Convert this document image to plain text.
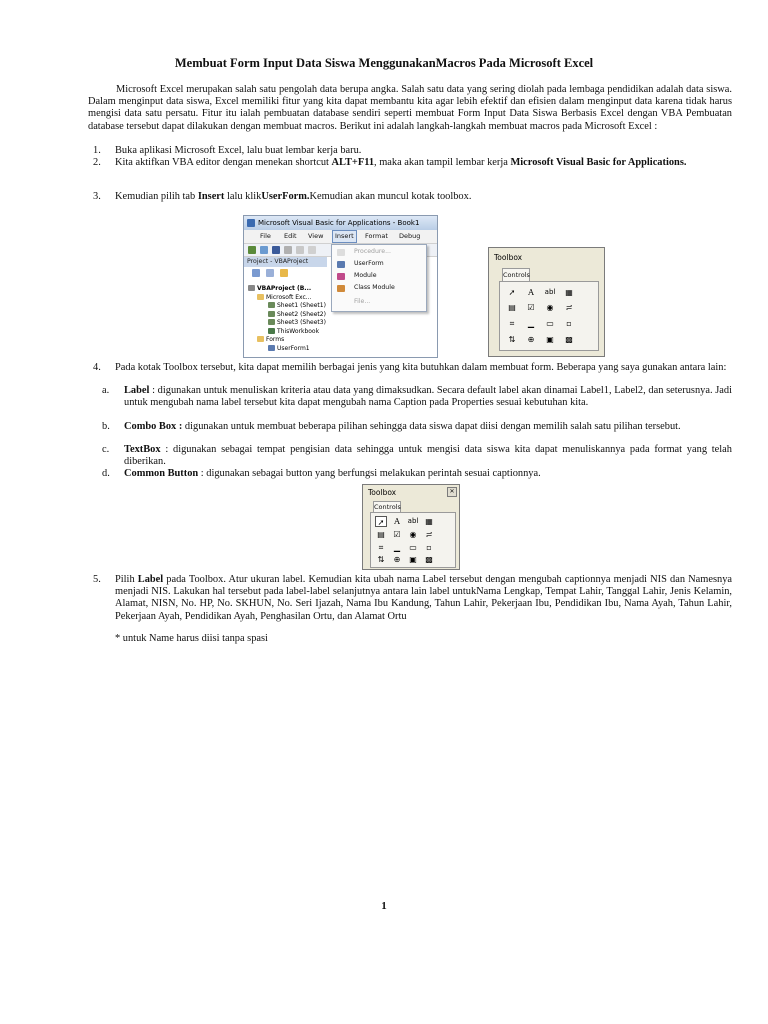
Membuat Form Input Data Siswa MenggunakanMacros Pada Microsoft Excel
Microsoft Excel merupakan salah satu pengolah data berupa angka. Salah satu data yang sering diolah pada lembaga pendidikan adalah data siswa. Dalam menginput data siswa, Excel memiliki fitur yang kita dapat membantu kita agar lebih efektif dan efisien dalam menginput data karena tidak harus mengisi data satu persatu. Fitur itu ialah pembuatan database sendiri seperti membuat Form Input Data Siswa Berbasis Excel dengan VBA Pembuatan database tersebut dapat dilakukan dengan membuat macros. Berikut ini adalah langkah-langkah membuat macros pada Microsoft Excel :
1. Buka aplikasi Microsoft Excel, lalu buat lembar kerja baru.
2. Kita aktifkan VBA editor dengan menekan shortcut ALT+F11, maka akan tampil lembar kerja Microsoft Visual Basic for Applications.
3. Kemudian pilih tab Insert lalu klikUserForm.Kemudian akan muncul kotak toolbox.
Microsoft Visual Basic for Applications - Book1
File Edit View	Insert	Format Debug
Project - VBAProject
VBAProject (B...
Microsoft Exc...
Sheet1 (Sheet1)
Sheet2 (Sheet2)
Sheet3 (Sheet3)
ThisWorkbook
Forms
UserForm1
Procedure...
UserForm
Module
Class Module
File...
Toolbox
Controls
➚	A	abl ▦
▤	☑	◉	≓
⌗	▁	▭	▫
⇅	⊕	▣ ▩
4. Pada kotak Toolbox tersebut, kita dapat memilih berbagai jenis yang kita butuhkan dalam membuat form. Beberapa yang saya gunakan antara lain:
a. Label : digunakan untuk menuliskan kriteria atau data yang dimaksudkan. Secara default label akan dinamai Label1, Label2, dan seterusnya. Jadi untuk mengubah nama label tersebut kita dapat mengubah nama Caption pada Properties sesuai kebutuhan kita.
b. Combo Box : digunakan untuk membuat beberapa pilihan sehingga data siswa dapat diisi dengan memilih salah satu pilihan tersebut.
c. TextBox : digunakan sebagai tempat pengisian data sehingga untuk mengisi data siswa kita dapat menuliskannya pada format yang telah diberikan.
d. Common Button : digunakan sebagai button yang berfungsi melakukan perintah sesuai captionnya.
Toolbox	✕
Controls
➚	A	abl ▦
▤	☑	◉	≓
⌗	▁	▭	▫
⇅	⊕	▣ ▩
5. Pilih Label pada Toolbox. Atur ukuran label. Kemudian kita ubah nama Label tersebut dengan mengubah captionnya menjadi NIS dan Namesnya menjadi NIS. Lakukan hal tersebut pada label-label selanjutnya antara lain label untukNama Lengkap, Tempat Lahir, Tanggal Lahir, Jenis Kelamin, Alamat, NISN, No. HP, No. SKHUN, No. Seri Ijazah, Nama Ibu Kandung, Tahun Lahir, Pekerjaan Ibu, Pendidikan Ibu, Nama Ayah, Tahun Lahir, Pekerjaan Ayah, Pendidikan Ayah, Penghasilan Ortu, dan Alamat Ortu
* untuk Name harus diisi tanpa spasi
1
